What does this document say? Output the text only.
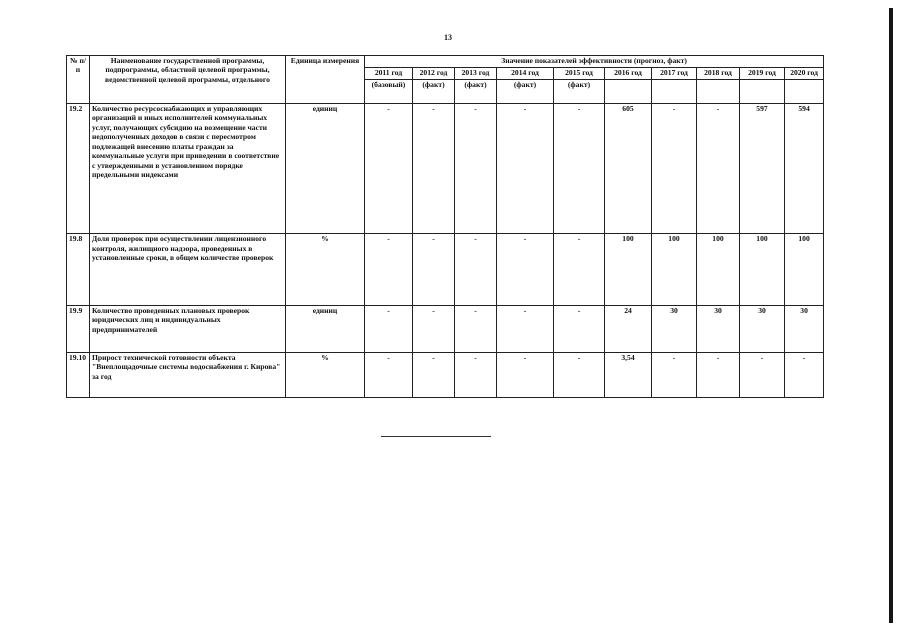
13
№ п/п	Наименование государственной программы, подпрограммы, областной целевой программы, ведомственной целевой программы, отдельного	Единица измерения	Значение показателей эффективности (прогноз, факт)									
			2011 год	2012 год	2013 год	2014 год	2015 год	2016 год	2017 год	2018 год	2019 год	2020 год
			(базовый)	(факт)	(факт)	(факт)	(факт)					
19.2	Количество ресурсоснабжающих и управляющих организаций и иных исполнителей коммунальных услуг, получающих субсидию на возмещение части недополученных доходов в связи с пересмотром подлежащей внесению платы граждан за коммунальные услуги при приведении в соответствие с утвержденными в установленном порядке предельными индексами	единиц	-	-	-	-	-	605	-	-	597	594
19.8	Доля проверок при осуществлении лицензионного контроля, жилищного надзора, проведенных в установленные сроки, в общем количестве проверок	%	-	-	-	-	-	100	100	100	100	100
19.9	Количество проведенных плановых проверок юридических лиц и индивидуальных предпринимателей	единиц	-	-	-	-	-	24	30	30	30	30
19.10	Прирост технической готовности объекта "Внеплощадочные системы водоснабжения г. Кирова" за год	%	-	-	-	-	-	3,54	-	-	-	-
